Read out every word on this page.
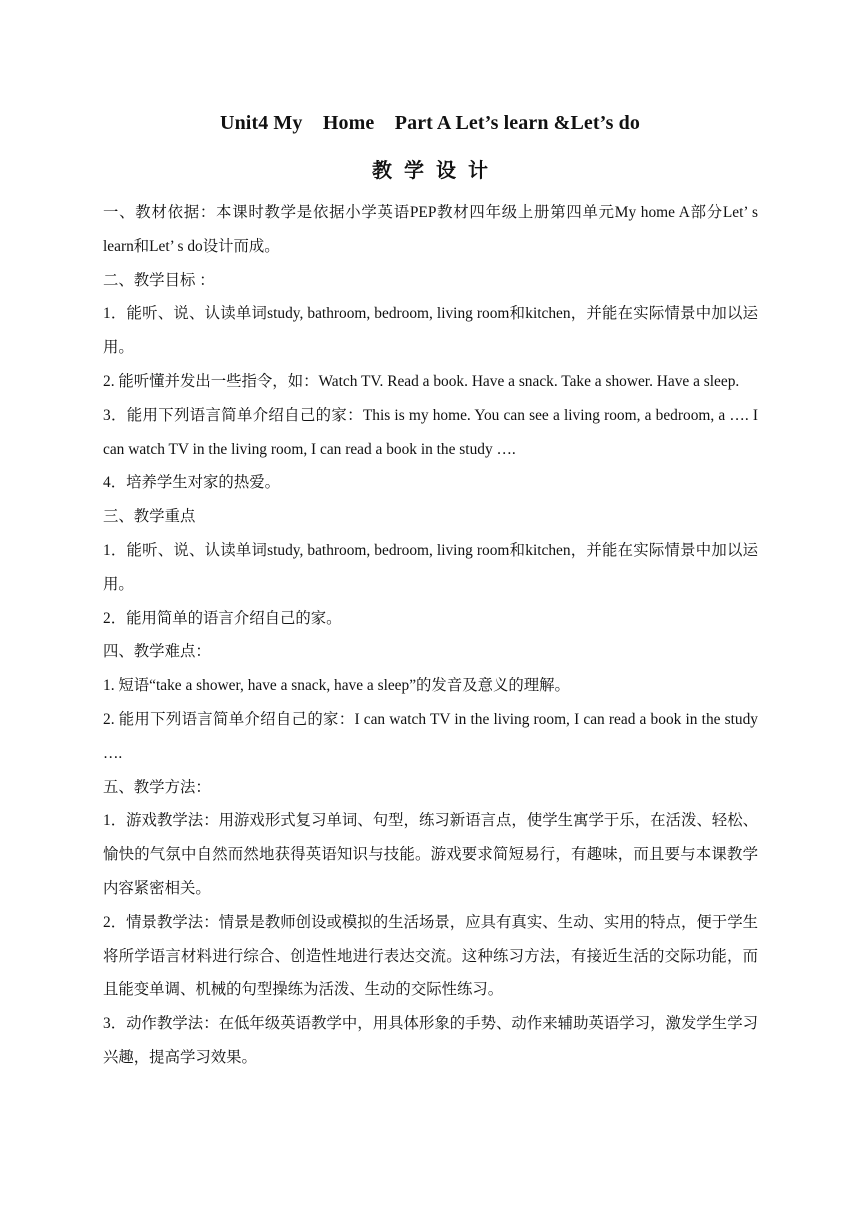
Unit4 My    Home    Part A Let’s learn &Let’s do
教学设计

一、教材依据：本课时教学是依据小学英语PEP教材四年级上册第四单元My home A部分Let’ s learn和Let’ s do设计而成。

二、教学目标 ：

1．能听、说、认读单词study, bathroom, bedroom, living room和kitchen，并能在实际情景中加以运用。

2. 能听懂并发出一些指令，如：Watch TV. Read a book. Have a snack. Take a shower. Have a sleep.

3．能用下列语言简单介绍自己的家：This is my home. You can see a living room, a bedroom, a …. I can watch TV in the living room, I can read a book in the study ….

4．培养学生对家的热爱。

三、教学重点

1．能听、说、认读单词study, bathroom, bedroom, living room和kitchen，并能在实际情景中加以运用。

2．能用简单的语言介绍自己的家。

四、教学难点：

1. 短语“take a shower, have a snack, have a sleep”的发音及意义的理解。

2. 能用下列语言简单介绍自己的家：I can watch TV in the living room, I can read a book in the study ….

五、教学方法：

1．游戏教学法：用游戏形式复习单词、句型，练习新语言点，使学生寓学于乐，在活泼、轻松、愉快的气氛中自然而然地获得英语知识与技能。游戏要求简短易行，有趣味，而且要与本课教学内容紧密相关。

2．情景教学法：情景是教师创设或模拟的生活场景，应具有真实、生动、实用的特点，便于学生将所学语言材料进行综合、创造性地进行表达交流。这种练习方法，有接近生活的交际功能，而且能变单调、机械的句型操练为活泼、生动的交际性练习。

3．动作教学法：在低年级英语教学中，用具体形象的手势、动作来辅助英语学习，激发学生学习兴趣，提高学习效果。
